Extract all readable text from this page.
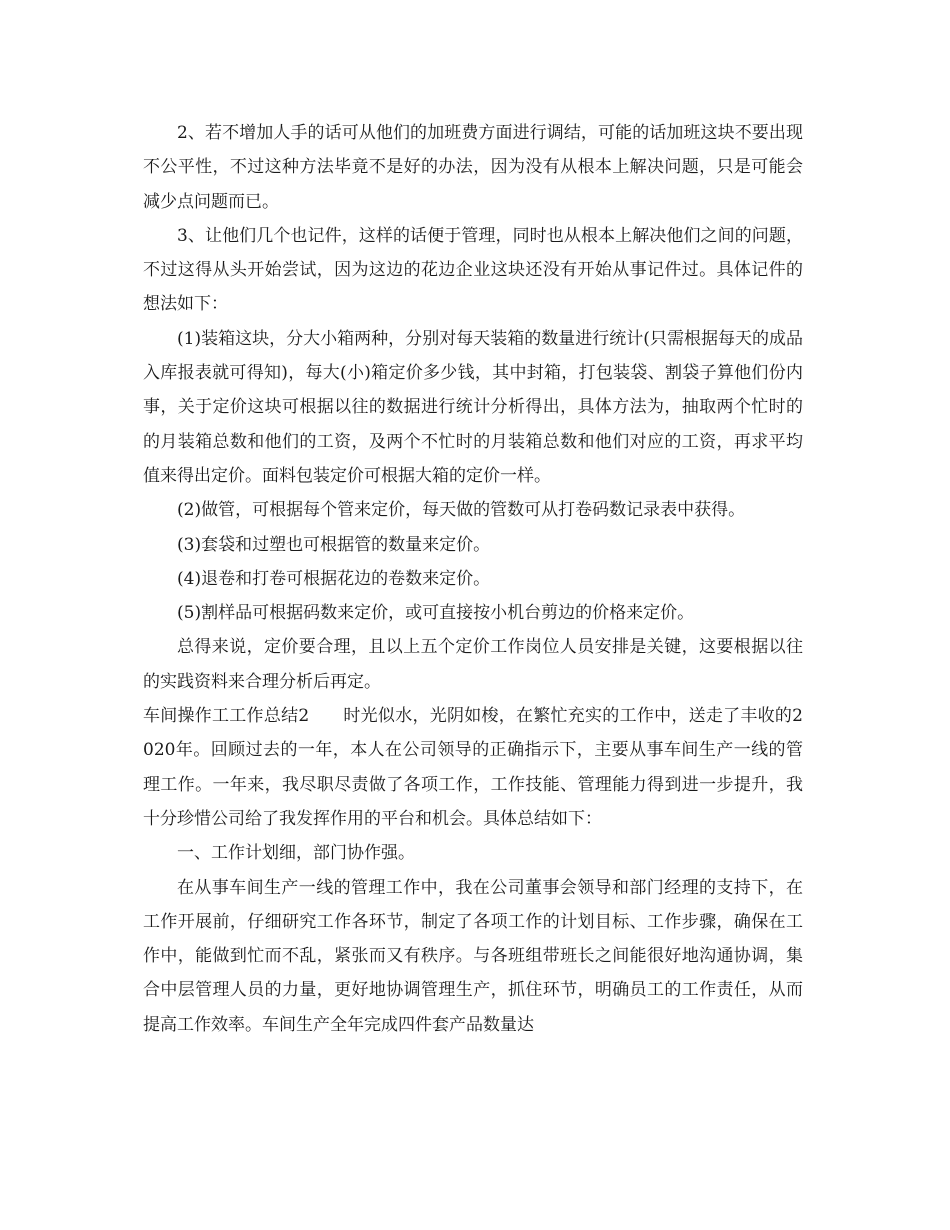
2、若不增加人手的话可从他们的加班费方面进行调结，可能的话加班这块不要出现不公平性，不过这种方法毕竟不是好的办法，因为没有从根本上解决问题，只是可能会减少点问题而已。

3、让他们几个也记件，这样的话便于管理，同时也从根本上解决他们之间的问题，不过这得从头开始尝试，因为这边的花边企业这块还没有开始从事记件过。具体记件的想法如下：

(1)装箱这块，分大小箱两种，分别对每天装箱的数量进行统计(只需根据每天的成品入库报表就可得知)，每大(小)箱定价多少钱，其中封箱，打包装袋、割袋子算他们份内事，关于定价这块可根据以往的数据进行统计分析得出，具体方法为，抽取两个忙时的的月装箱总数和他们的工资，及两个不忙时的月装箱总数和他们对应的工资，再求平均值来得出定价。面料包装定价可根据大箱的定价一样。

(2)做管，可根据每个管来定价，每天做的管数可从打卷码数记录表中获得。

(3)套袋和过塑也可根据管的数量来定价。

(4)退卷和打卷可根据花边的卷数来定价。

(5)割样品可根据码数来定价，或可直接按小机台剪边的价格来定价。

总得来说，定价要合理，且以上五个定价工作岗位人员安排是关键，这要根据以往的实践资料来合理分析后再定。

车间操作工工作总结2 时光似水，光阴如梭，在繁忙充实的工作中，送走了丰收的2020年。回顾过去的一年，本人在公司领导的正确指示下，主要从事车间生产一线的管理工作。一年来，我尽职尽责做了各项工作，工作技能、管理能力得到进一步提升，我十分珍惜公司给了我发挥作用的平台和机会。具体总结如下：

一、工作计划细，部门协作强。

在从事车间生产一线的管理工作中，我在公司董事会领导和部门经理的支持下，在工作开展前，仔细研究工作各环节，制定了各项工作的计划目标、工作步骤，确保在工作中，能做到忙而不乱，紧张而又有秩序。与各班组带班长之间能很好地沟通协调，集合中层管理人员的力量，更好地协调管理生产，抓住环节，明确员工的工作责任，从而提高工作效率。车间生产全年完成四件套产品数量达
